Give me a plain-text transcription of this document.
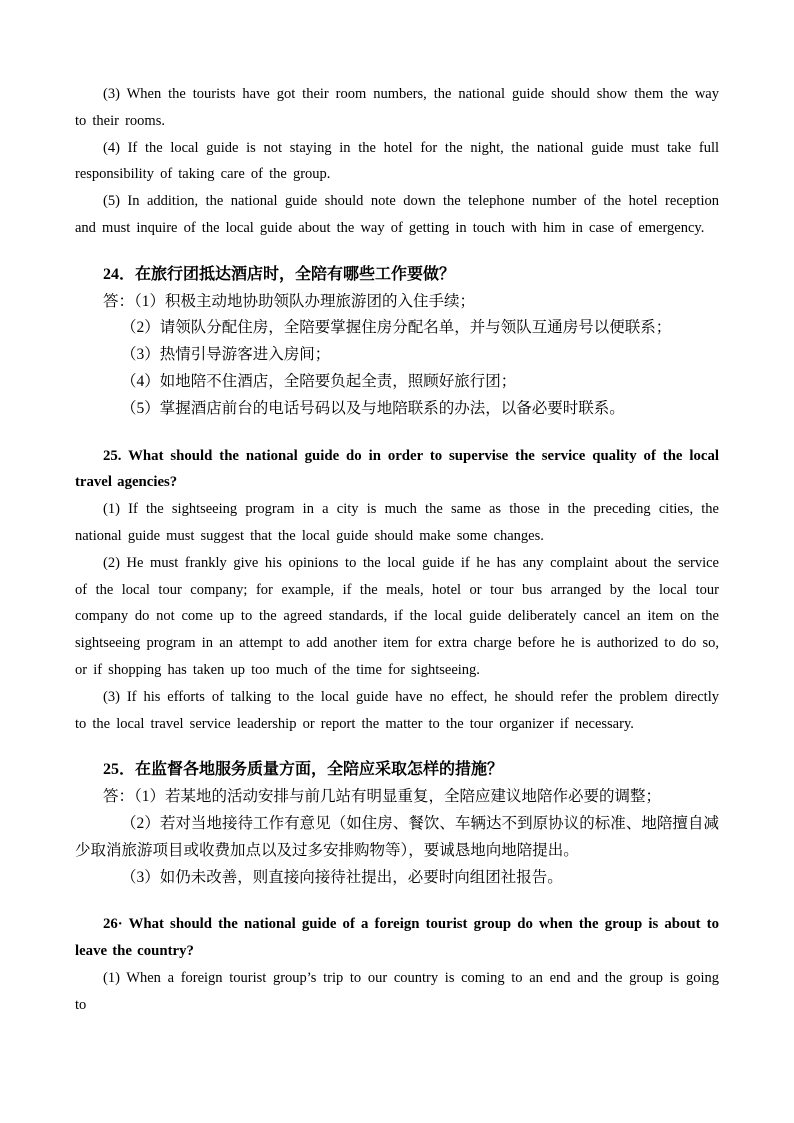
(3) When the tourists have got their room numbers, the national guide should show them the way to their rooms.

(4) If the local guide is not staying in the hotel for the night, the national guide must take full responsibility of taking care of the group.

(5) In addition, the national guide should note down the telephone number of the hotel reception and must inquire of the local guide about the way of getting in touch with him in case of emergency.

24．在旅行团抵达酒店时，全陪有哪些工作要做？

答：（1）积极主动地协助领队办理旅游团的入住手续；

（2）请领队分配住房，全陪要掌握住房分配名单，并与领队互通房号以便联系；

（3）热情引导游客进入房间；

（4）如地陪不住酒店，全陪要负起全责，照顾好旅行团；

（5）掌握酒店前台的电话号码以及与地陪联系的办法，以备必要时联系。

25. What should the national guide do in order to supervise the service quality of the local travel agencies?

(1) If the sightseeing program in a city is much the same as those in the preceding cities, the national guide must suggest that the local guide should make some changes.

(2) He must frankly give his opinions to the local guide if he has any complaint about the service of the local tour company; for example, if the meals, hotel or tour bus arranged by the local tour company do not come up to the agreed standards, if the local guide deliberately cancel an item on the sightseeing program in an attempt to add another item for extra charge before he is authorized to do so, or if shopping has taken up too much of the time for sightseeing.

(3) If his efforts of talking to the local guide have no effect, he should refer the problem directly to the local travel service leadership or report the matter to the tour organizer if necessary.

25．在监督各地服务质量方面，全陪应采取怎样的措施？

答：（1）若某地的活动安排与前几站有明显重复，全陪应建议地陪作必要的调整；

（2）若对当地接待工作有意见（如住房、餐饮、车辆达不到原协议的标准、地陪擅自减少取消旅游项目或收费加点以及过多安排购物等），要诚恳地向地陪提出。

（3）如仍未改善，则直接向接待社提出，必要时向组团社报告。

26· What should the national guide of a foreign tourist group do when the group is about to leave the country?

(1) When a foreign tourist group’s trip to our country is coming to an end and the group is going to
